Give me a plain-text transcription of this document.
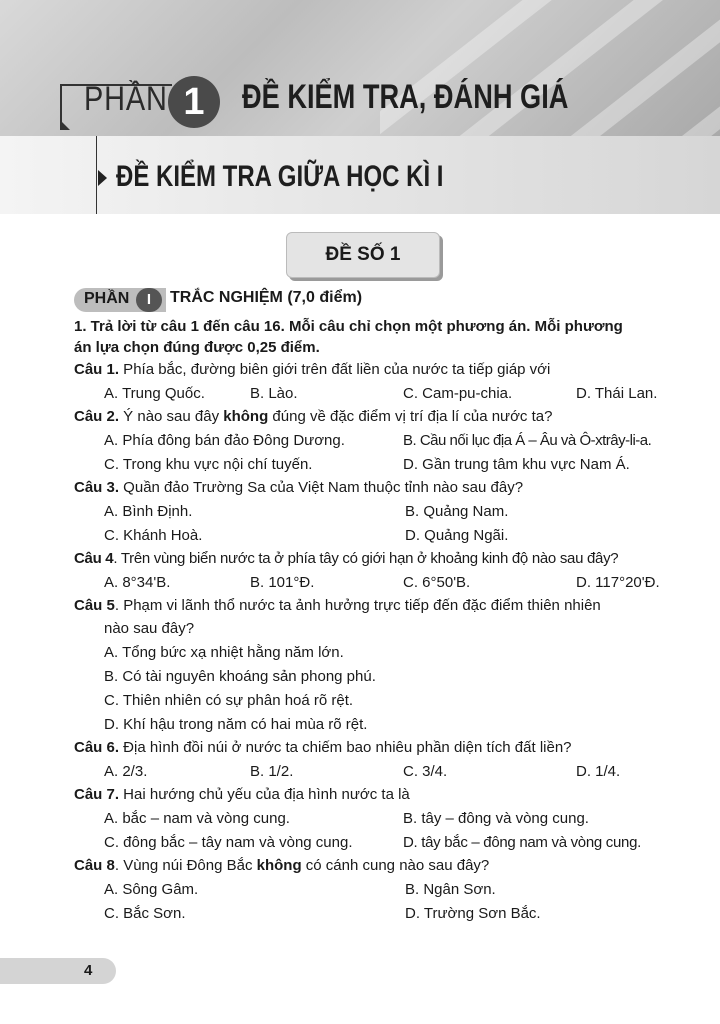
PHẦN 1	ĐỀ KIỂM TRA, ĐÁNH GIÁ
ĐỀ KIỂM TRA GIỮA HỌC KÌ I
ĐỀ SỐ 1
PHẦN	I	TRẮC NGHIỆM (7,0 điểm)
1. Trả lời từ câu 1 đến câu 16. Mỗi câu chỉ chọn một phương án. Mỗi phương
án lựa chọn đúng được 0,25 điểm.
Câu 1. Phía bắc, đường biên giới trên đất liền của nước ta tiếp giáp với
A. Trung Quốc.	B. Lào.	C. Cam-pu-chia.	D. Thái Lan.
Câu 2. Ý nào sau đây không đúng về đặc điểm vị trí địa lí của nước ta?
A. Phía đông bán đảo Đông Dương.	B. Cầu nối lục địa Á – Âu và Ô-xtrây-li-a.
C. Trong khu vực nội chí tuyến.	D. Gần trung tâm khu vực Nam Á.
Câu 3. Quần đảo Trường Sa của Việt Nam thuộc tỉnh nào sau đây?
A. Bình Định.	B. Quảng Nam.
C. Khánh Hoà.	D. Quảng Ngãi.
Câu 4. Trên vùng biển nước ta ở phía tây có giới hạn ở khoảng kinh độ nào sau đây?
A. 8°34'B.	B. 101°Đ.	C. 6°50'B.	D. 117°20'Đ.
Câu 5. Phạm vi lãnh thổ nước ta ảnh hưởng trực tiếp đến đặc điểm thiên nhiên
nào sau đây?
A. Tổng bức xạ nhiệt hằng năm lớn.
B. Có tài nguyên khoáng sản phong phú.
C. Thiên nhiên có sự phân hoá rõ rệt.
D. Khí hậu trong năm có hai mùa rõ rệt.
Câu 6. Địa hình đồi núi ở nước ta chiếm bao nhiêu phần diện tích đất liền?
A. 2/3.	B. 1/2.	C. 3/4.	D. 1/4.
Câu 7. Hai hướng chủ yếu của địa hình nước ta là
A. bắc – nam và vòng cung.	B. tây – đông và vòng cung.
C. đông bắc – tây nam và vòng cung.	D. tây bắc – đông nam và vòng cung.
Câu 8. Vùng núi Đông Bắc không có cánh cung nào sau đây?
A. Sông Gâm.	B. Ngân Sơn.
C. Bắc Sơn.	D. Trường Sơn Bắc.
4
